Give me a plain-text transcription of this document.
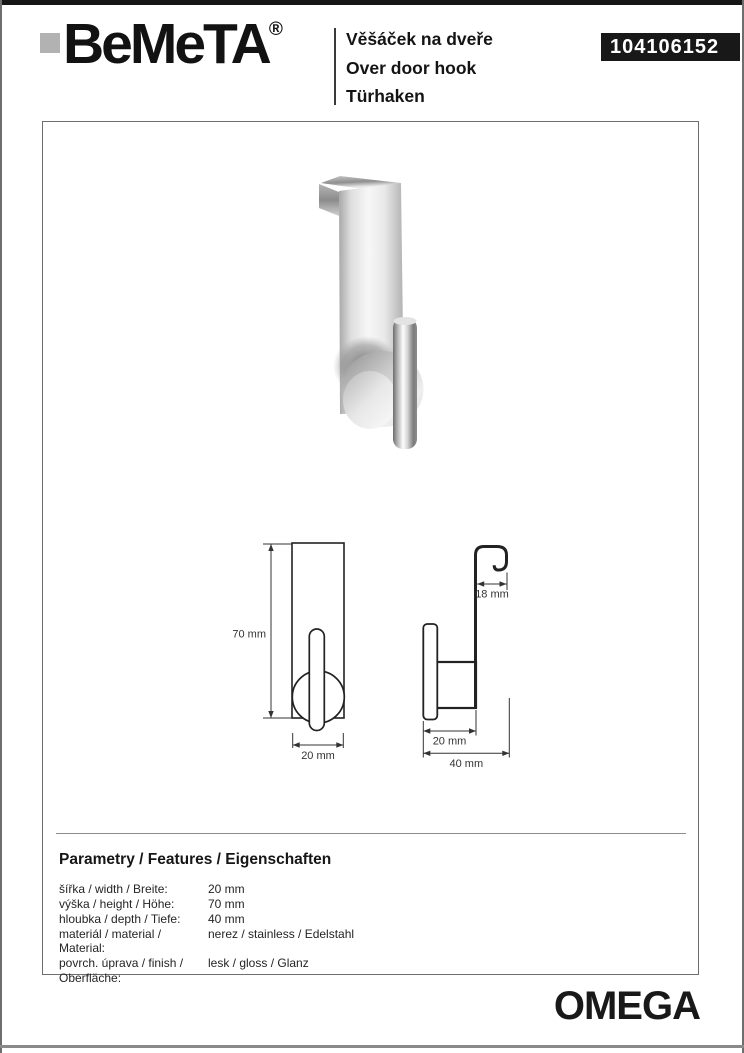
BeMeTA®	Věšáček na dveře
Over door hook
Türhaken
104106152
70 mm
20 mm
18 mm
20 mm
40 mm
Parametry / Features / Eigenschaften
šířka / width / Breite:	20 mm
výška / height / Höhe:	70 mm
hloubka / depth / Tiefe:	40 mm
materiál / material / Material:
nerez / stainless / Edelstahl
povrch. úprava / finish / Oberfläche:
lesk / gloss / Glanz
OMEGA
